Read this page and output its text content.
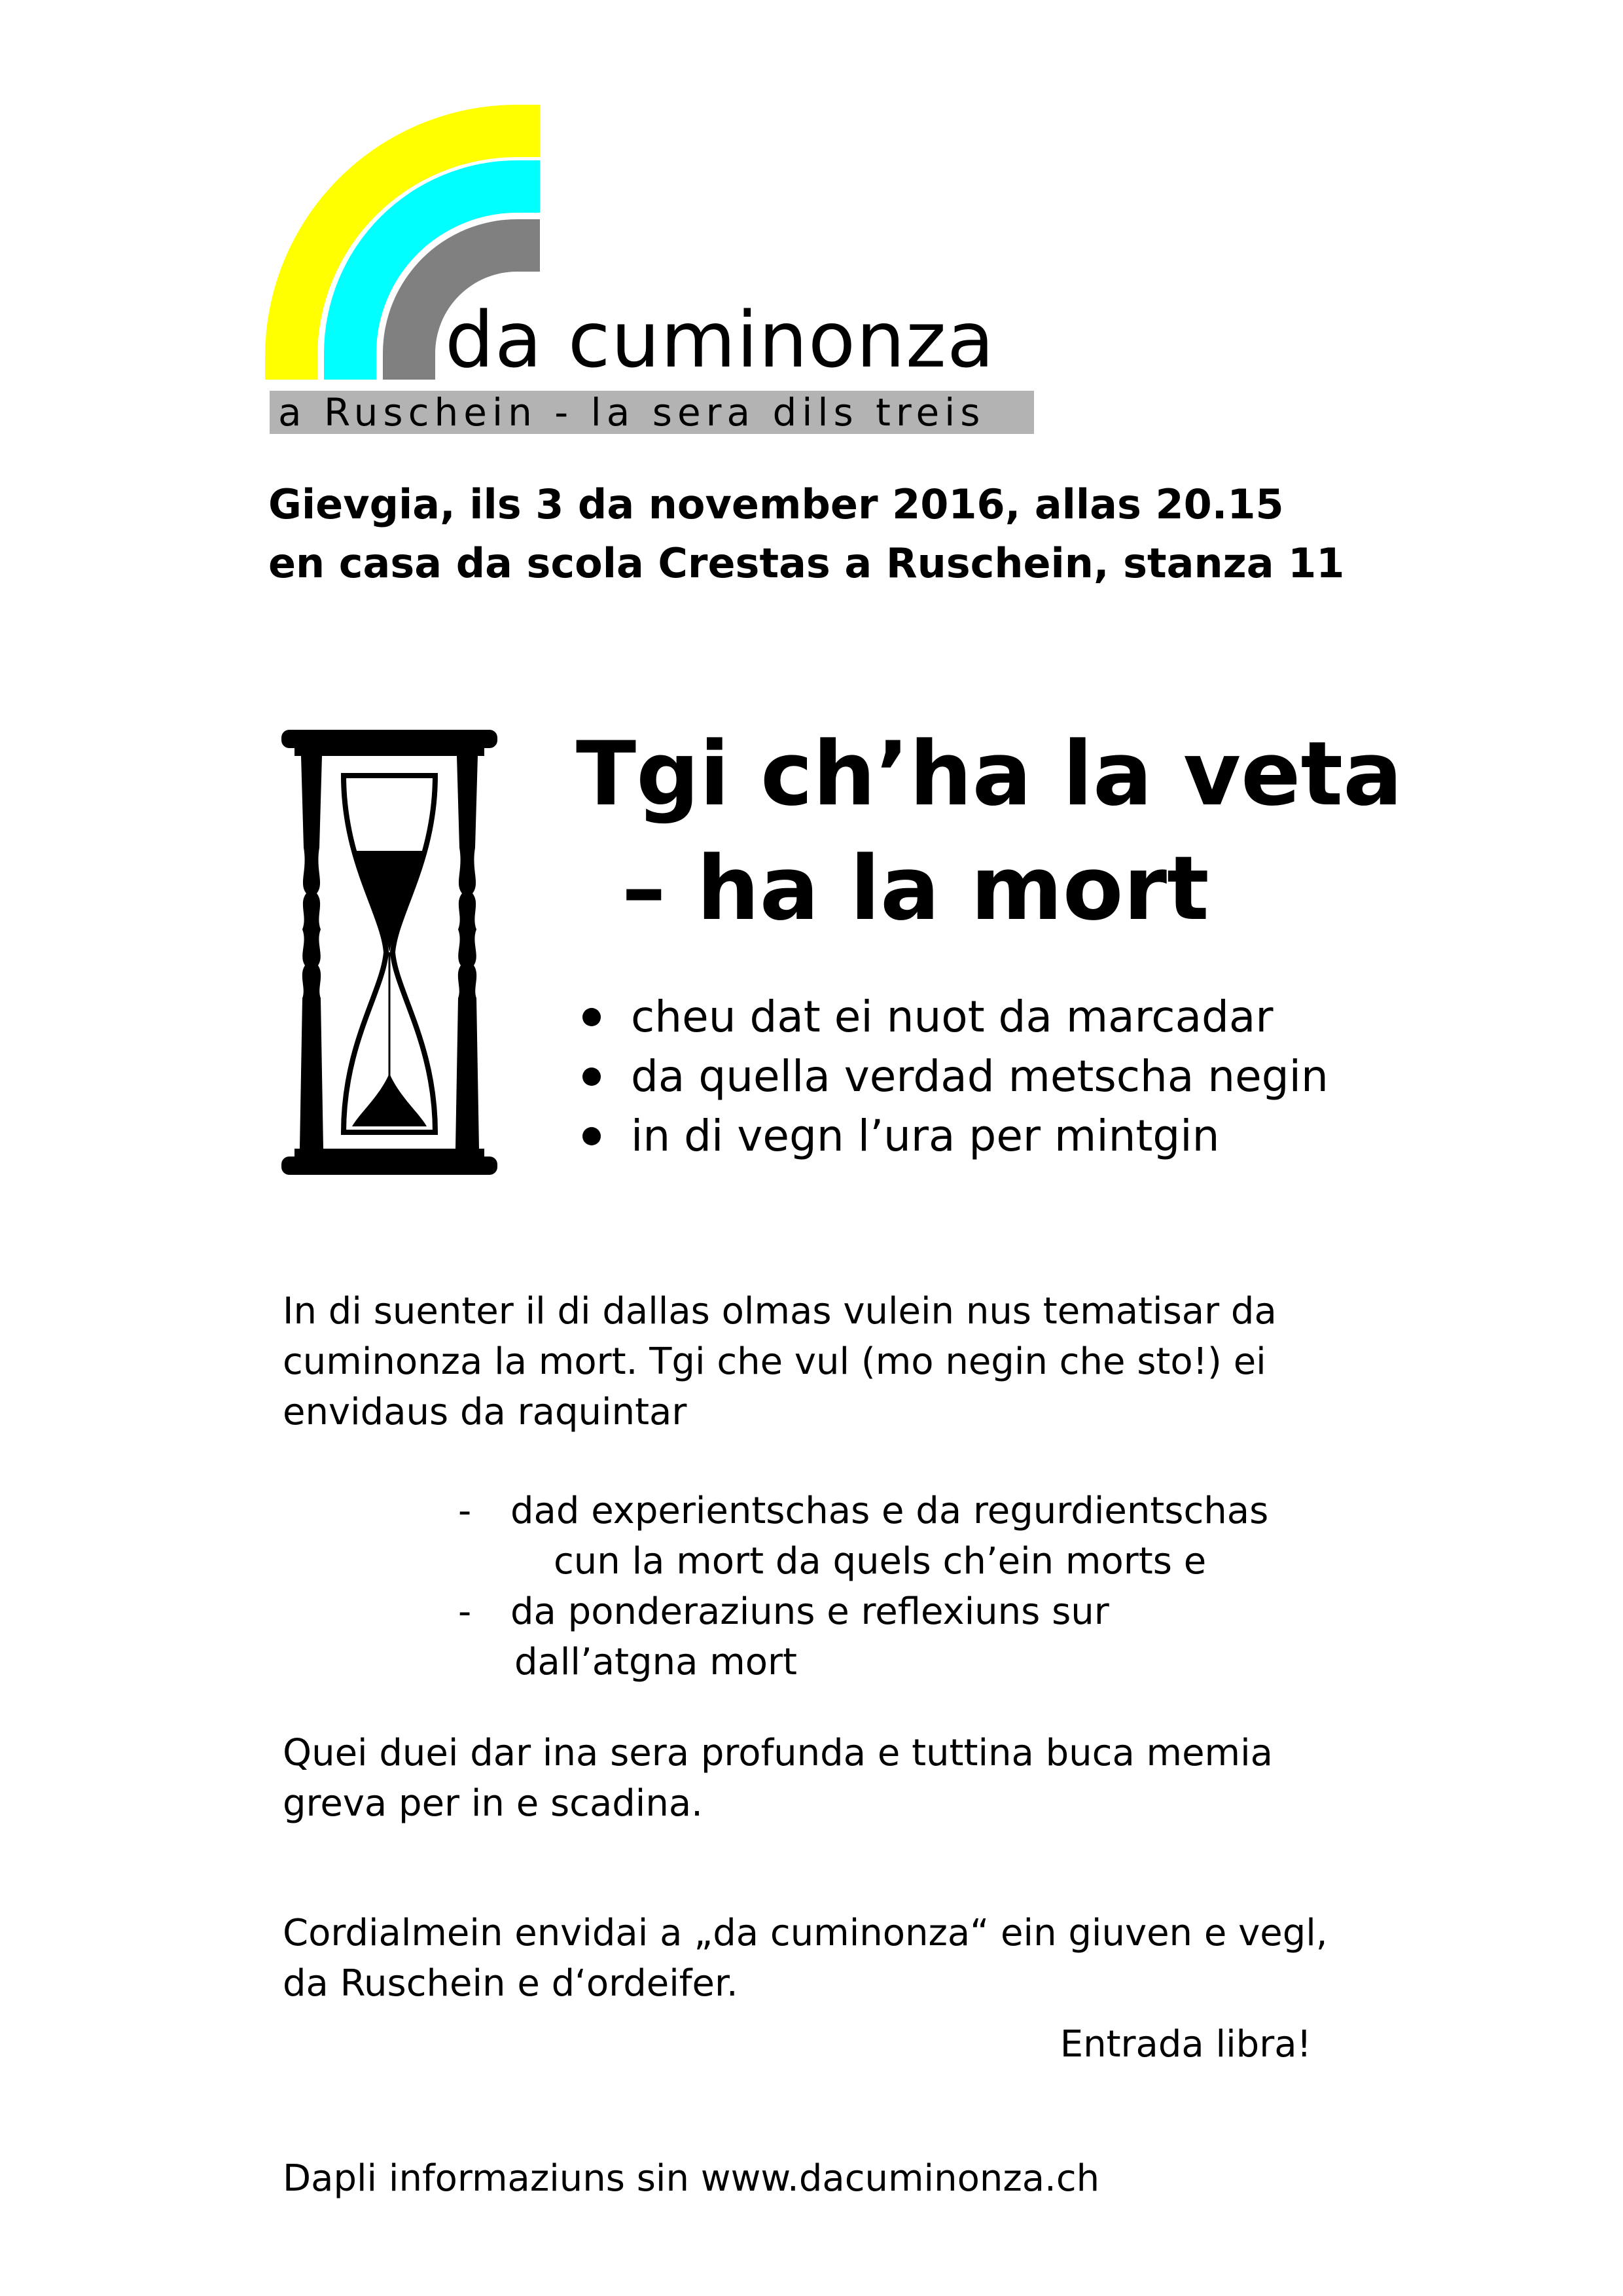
da cuminonza
a Ruschein - la sera dils treis
Gievgia, ils 3 da november 2016, allas 20.15
en casa da scola Crestas a Ruschein, stanza 11
Tgi ch’ha la veta
– ha la mort
cheu dat ei nuot da marcadar
da quella verdad metscha negin
in di vegn l’ura per mintgin
In di suenter il di dallas olmas vulein nus tematisar da cuminonza la mort. Tgi che vul (mo negin che sto!) ei envidaus da raquintar
- dad experientschas e da regurdientschas
cun la mort da quels ch’ein morts e
- da ponderaziuns e reflexiuns sur
dall’atgna mort
Quei duei dar ina sera profunda e tuttina buca memia greva per in e scadina.
Cordialmein envidai a „da cuminonza“ ein giuven e vegl, da Ruschein e d‘ordeifer.
Entrada libra!
Dapli informaziuns sin www.dacuminonza.ch
